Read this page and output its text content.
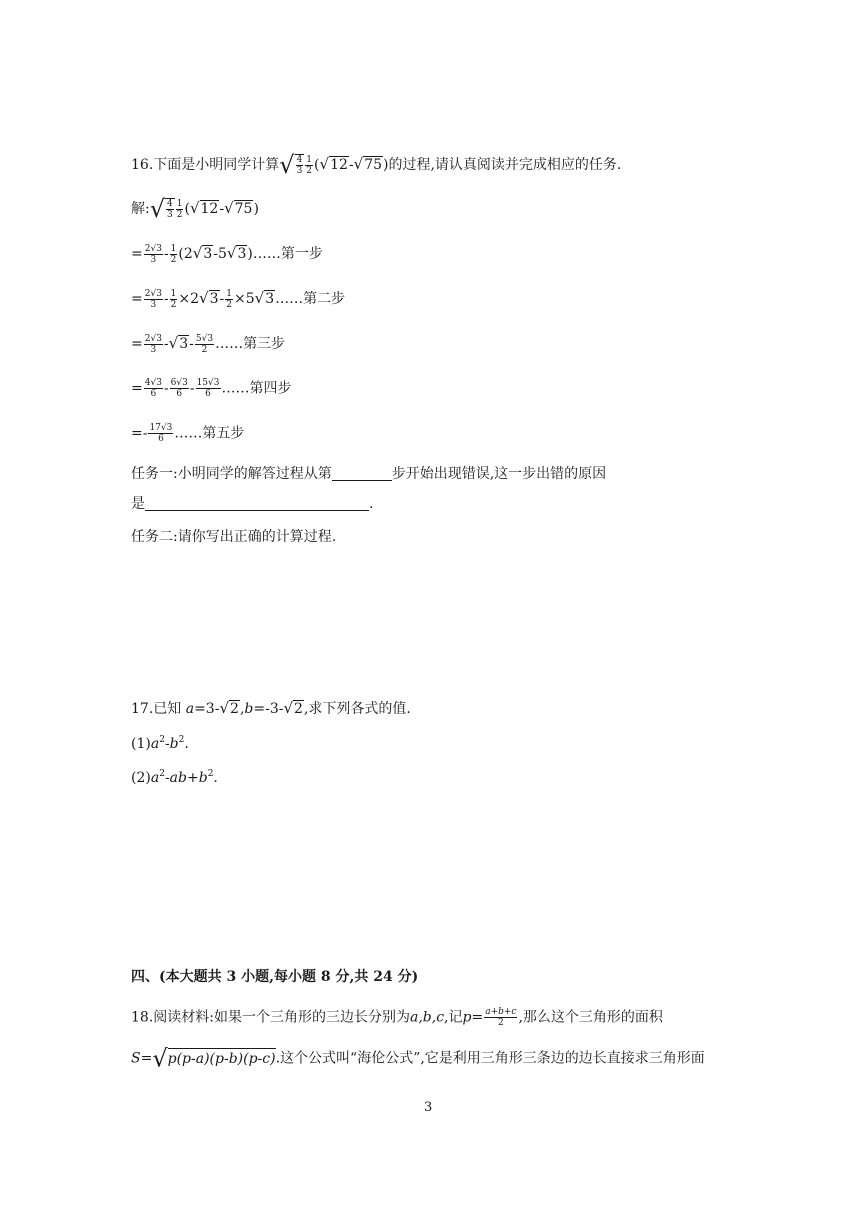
16.下面是小明同学计算√ $\frac{4}{3} \frac{1}{2} (√12-√75)$的过程,请认真阅读并完成相应的任务.
解:√ $\frac{4}{3} \frac{1}{2} (√12-√75)$
= $\frac{2√3}{3} - \frac{1}{2}$ (2√3-5√3)……第一步
= $\frac{2√3}{3} - \frac{1}{2} \times 2√3- \frac{1}{2}$ ×5√3……第二步
= $\frac{2√3}{3} -√3- \frac{5√3}{2}$ ……第三步
= $\frac{4√3}{6} - \frac{6√3}{6} - \frac{15√3}{6}$ ……第四步
=- $\frac{17√3}{6}$ ……第五步
任务一:小明同学的解答过程从第	步开始出现错误,这一步出错的原因
是	.
任务二:请你写出正确的计算过程.
17.已知 a=3-√2,b=-3-√2,求下列各式的值.
$(1)a^2-b^2$.
$(2)a^2-ab+b^2$.
四、(本大题共 3 小题,每小题 8 分,共 24 分)
18.阅读材料:如果一个三角形的三边长分别为a,b,c,记$p= \frac{a+b+c}{2}$ ,那么这个三角形的面积
S=√p(p-a)(p-b)(p-c).这个公式叫“海伦公式”,它是利用三角形三条边的边长直接求三角形面
3
